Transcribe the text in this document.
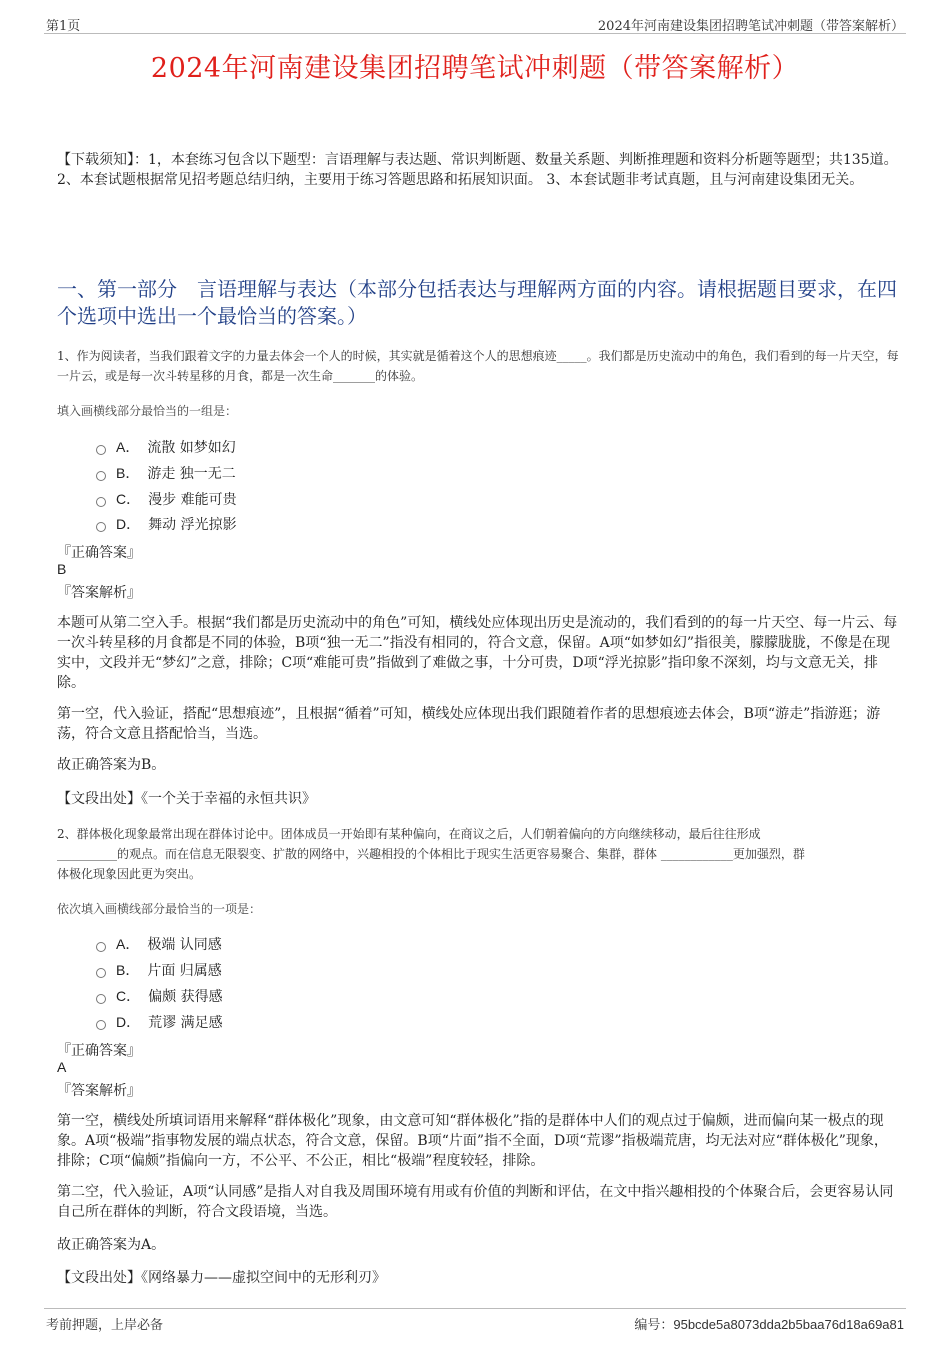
第1页	2024年河南建设集团招聘笔试冲刺题（带答案解析）
2024年河南建设集团招聘笔试冲刺题（带答案解析）
【下载须知】：1，本套练习包含以下题型：言语理解与表达题、常识判断题、数量关系题、判断推理题和资料分析题等题型；共135道。 2、本套试题根据常见招考题总结归纳，主要用于练习答题思路和拓展知识面。 3、本套试题非考试真题，且与河南建设集团无关。
一、第一部分　言语理解与表达（本部分包括表达与理解两方面的内容。请根据题目要求，在四个选项中选出一个最恰当的答案。）
1、作为阅读者，当我们跟着文字的力量去体会一个人的时候，其实就是循着这个人的思想痕迹_____。我们都是历史流动中的角色，我们看到的每一片天空，每一片云，或是每一次斗转星移的月食，都是一次生命_______的体验。
填入画横线部分最恰当的一组是：
A． 流散 如梦如幻
B． 游走 独一无二
C． 漫步 难能可贵
D． 舞动 浮光掠影
『正确答案』
B
『答案解析』
本题可从第二空入手。根据“我们都是历史流动中的角色”可知，横线处应体现出历史是流动的，我们看到的的每一片天空、每一片云、每一次斗转星移的月食都是不同的体验，B项“独一无二”指没有相同的，符合文意，保留。A项“如梦如幻”指很美，朦朦胧胧，不像是在现实中，文段并无“梦幻”之意，排除；C项“难能可贵”指做到了难做之事，十分可贵，D项“浮光掠影”指印象不深刻，均与文意无关，排除。
第一空，代入验证，搭配“思想痕迹”，且根据“循着”可知，横线处应体现出我们跟随着作者的思想痕迹去体会，B项“游走”指游逛；游荡，符合文意且搭配恰当，当选。
故正确答案为B。
【文段出处】《一个关于幸福的永恒共识》
2、群体极化现象最常出现在群体讨论中。团体成员一开始即有某种偏向，在商议之后，人们朝着偏向的方向继续移动，最后往往形成
__________的观点。而在信息无限裂变、扩散的网络中，兴趣相投的个体相比于现实生活更容易聚合、集群，群体 ____________更加强烈，群
体极化现象因此更为突出。
依次填入画横线部分最恰当的一项是：
A． 极端 认同感
B． 片面 归属感
C． 偏颇 获得感
D． 荒谬 满足感
『正确答案』
A
『答案解析』
第一空，横线处所填词语用来解释“群体极化”现象，由文意可知“群体极化”指的是群体中人们的观点过于偏颇，进而偏向某一极点的现象。A项“极端”指事物发展的端点状态，符合文意，保留。B项“片面”指不全面，D项“荒谬”指极端荒唐，均无法对应“群体极化”现象，排除；C项“偏颇”指偏向一方，不公平、不公正，相比“极端”程度较轻，排除。
第二空，代入验证，A项“认同感”是指人对自我及周围环境有用或有价值的判断和评估，在文中指兴趣相投的个体聚合后，会更容易认同自己所在群体的判断，符合文段语境，当选。
故正确答案为A。
【文段出处】《网络暴力——虚拟空间中的无形利刃》
考前押题，上岸必备	编号：95bcde5a8073dda2b5baa76d18a69a81
